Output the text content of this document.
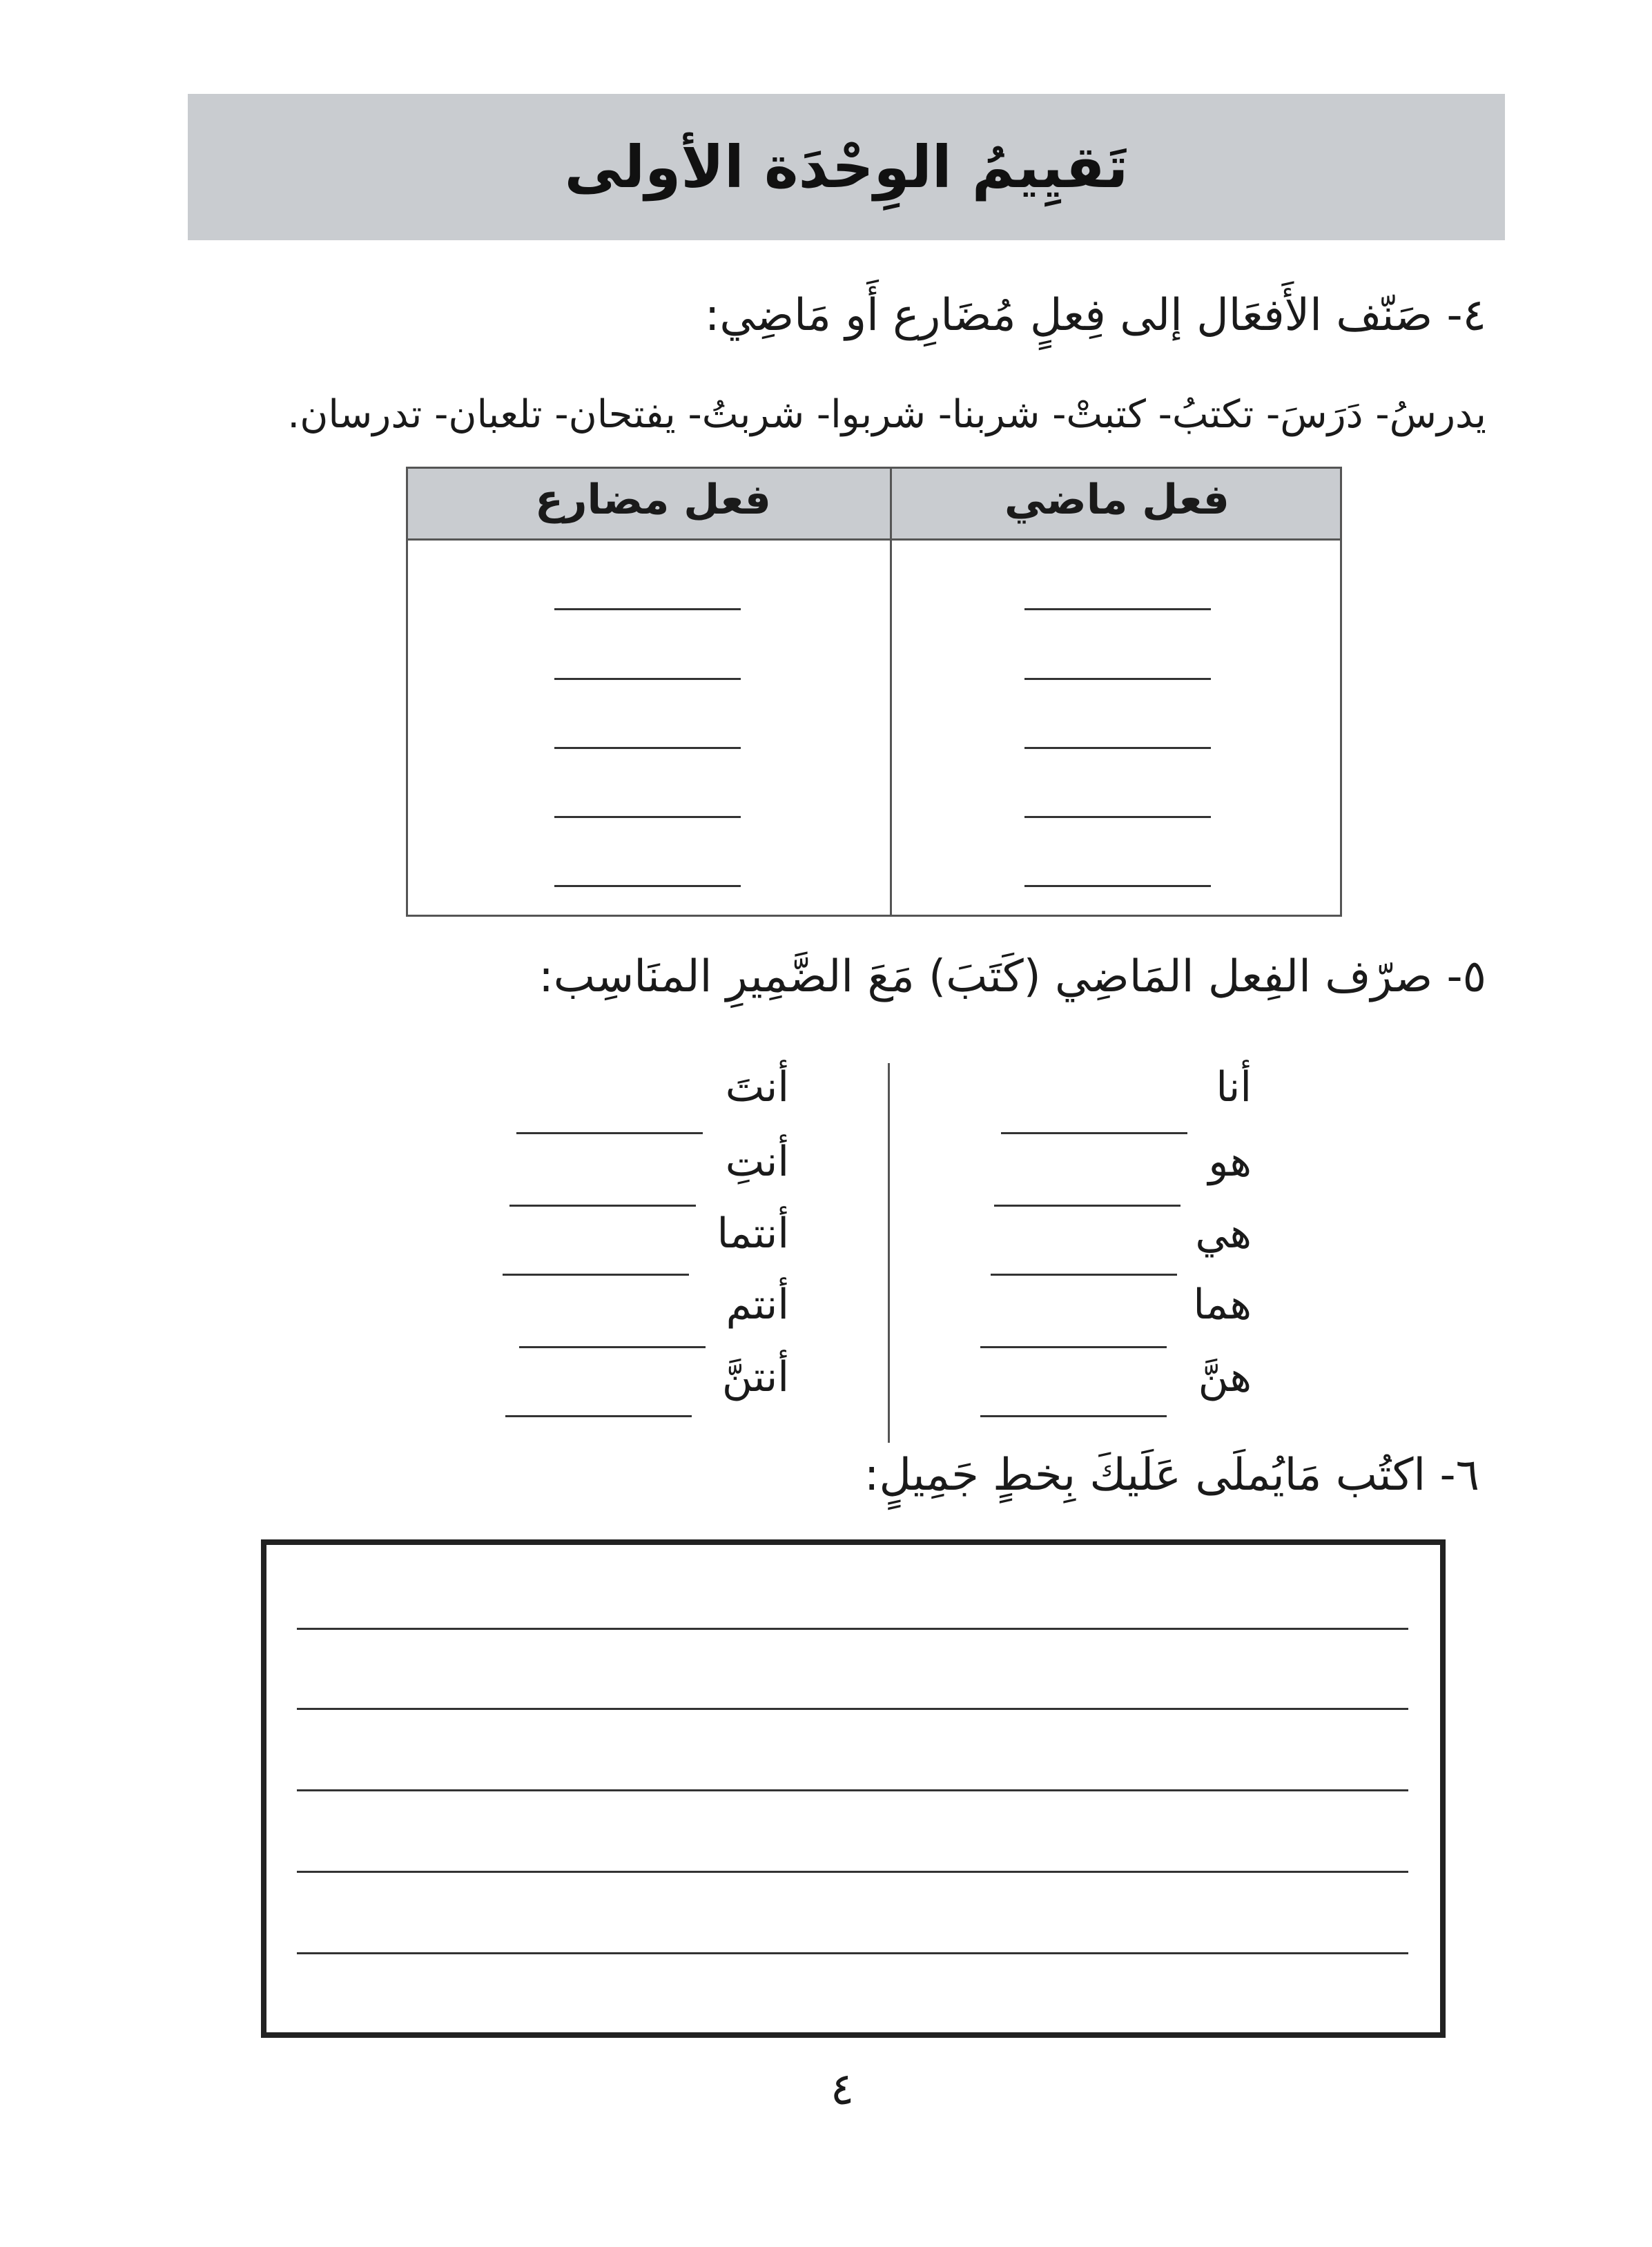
تَقيِيمُ الوِحْدَة الأولى
٤- صَنّف الأَفعَال إلى فِعلٍ مُضَارِع أَو مَاضِي:
يدرسُ- دَرَسَ- تكتبُ- كتبتْ- شربنا- شربوا- شربتُ- يفتحان- تلعبان- تدرسان.
فعل ماضي
فعل مضارع
٥- صرّف الفِعل المَاضِي (كَتَبَ) مَعَ الضَّمِيرِ المنَاسِب:
أنا
هو
هي
هما
هنَّ
أنتَ
أنتِ
أنتما
أنتم
أنتنَّ
٦- اكتُب مَايُملَى عَلَيكَ بِخطٍ جَمِيلٍ:
٤
